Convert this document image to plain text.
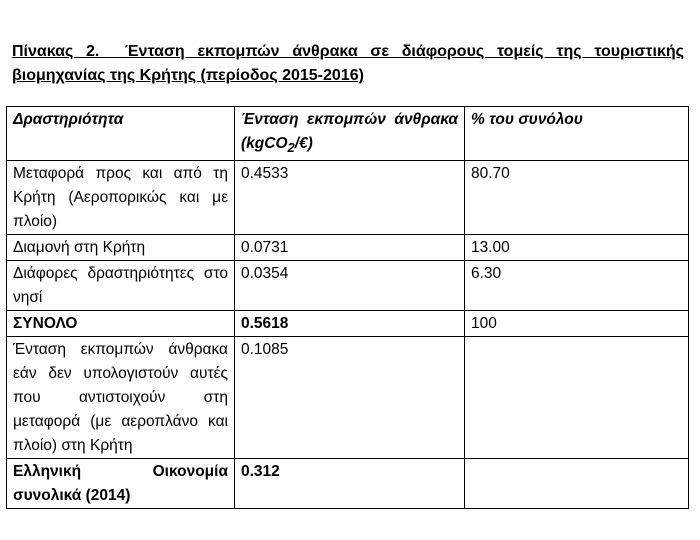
Πίνακας 2. Ένταση εκπομπών άνθρακα σε διάφορους τομείς της τουριστικής βιομηχανίας της Κρήτης (περίοδος 2015-2016)
Δραστηριότητα	Ένταση εκπομπών άνθρακα (kgCO$_2$/€)	% του συνόλου
Μεταφορά προς και από τη Κρήτη (Αεροπορικώς και με πλοίο)	0.4533	80.70
Διαμονή στη Κρήτη	0.0731	13.00
Διάφορες δραστηριότητες στο νησί	0.0354	6.30
ΣΥΝΟΛΟ	0.5618	100
Ένταση εκπομπών άνθρακα εάν δεν υπολογιστούν αυτές που αντιστοιχούν στη μεταφορά (με αεροπλάνο και πλοίο) στη Κρήτη	0.1085	
Ελληνική Οικονομία συνολικά (2014)	0.312	
